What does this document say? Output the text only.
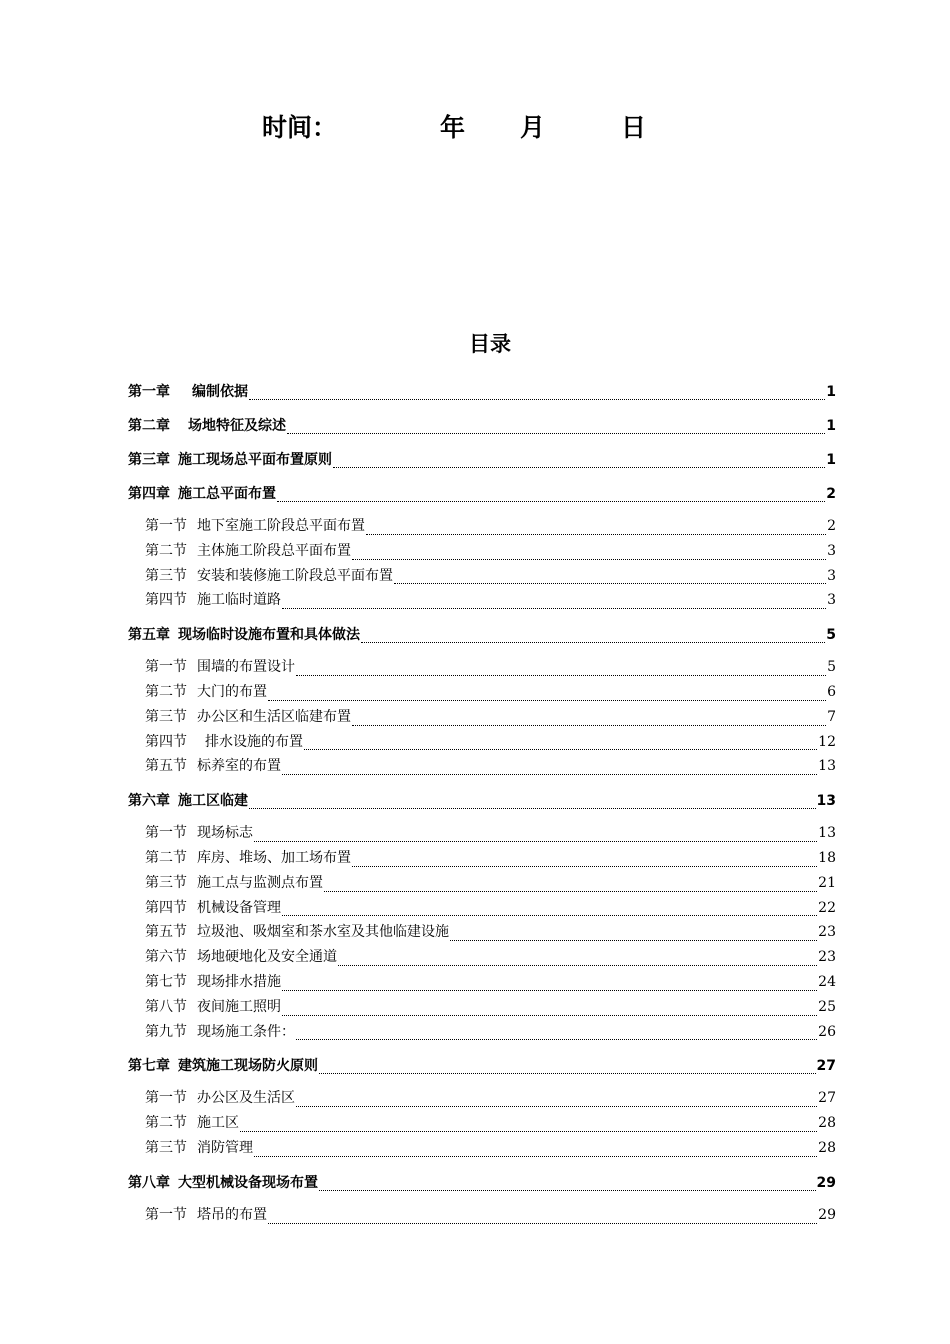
时间：	年 月	日
目录
第一章 编制依据	1
第二章 场地特征及综述	1
第三章 施工现场总平面布置原则	1
第四章 施工总平面布置	2
第一节 地下室施工阶段总平面布置	2
第二节 主体施工阶段总平面布置	3
第三节 安装和装修施工阶段总平面布置	3
第四节 施工临时道路	3
第五章 现场临时设施布置和具体做法	5
第一节 围墙的布置设计	5
第二节 大门的布置	6
第三节 办公区和生活区临建布置	7
第四节 排水设施的布置	12
第五节 标养室的布置	13
第六章 施工区临建	13
第一节 现场标志	13
第二节 库房、堆场、加工场布置	18
第三节 施工点与监测点布置	21
第四节 机械设备管理	22
第五节 垃圾池、吸烟室和茶水室及其他临建设施	23
第六节 场地硬地化及安全通道	23
第七节 现场排水措施	24
第八节 夜间施工照明	25
第九节 现场施工条件：	26
第七章 建筑施工现场防火原则	27
第一节 办公区及生活区	27
第二节 施工区	28
第三节 消防管理	28
第八章 大型机械设备现场布置	29
第一节 塔吊的布置	29
